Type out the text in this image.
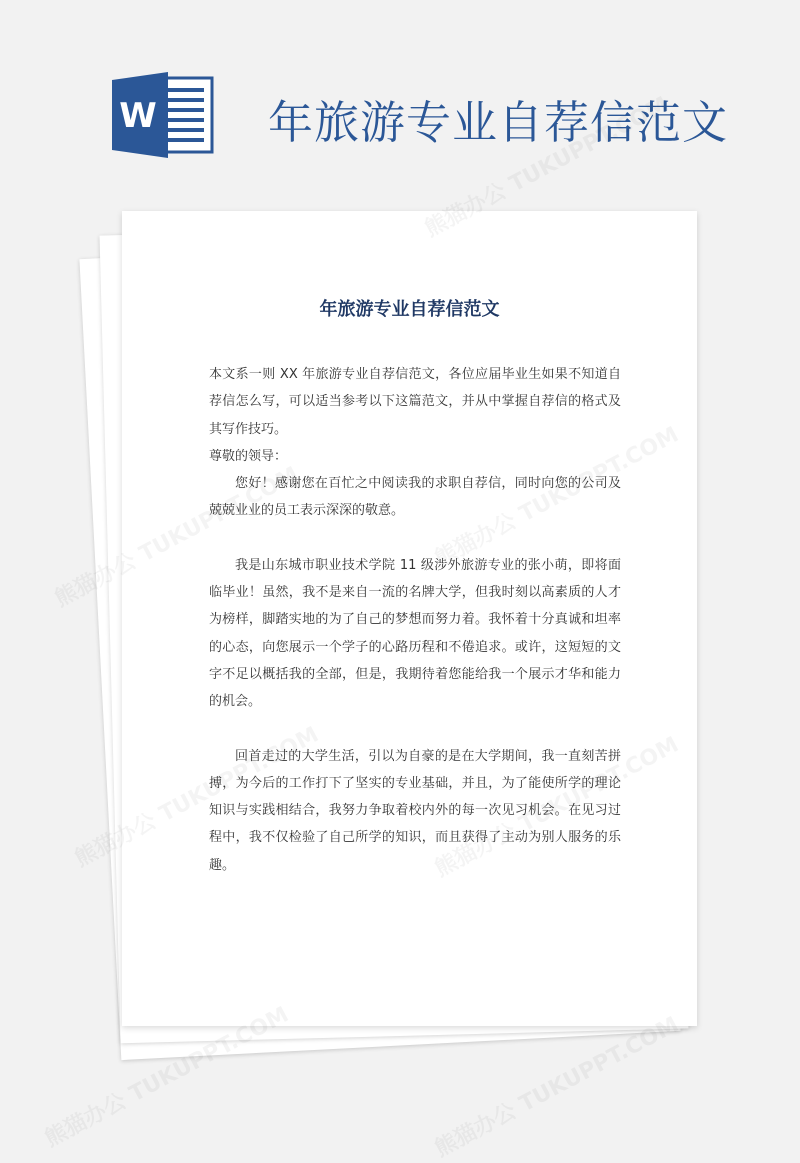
W 年旅游专业自荐信范文
年旅游专业自荐信范文

本文系一则 XX 年旅游专业自荐信范文，各位应届毕业生如果不知道自荐信怎么写，可以适当参考以下这篇范文，并从中掌握自荐信的格式及其写作技巧。

尊敬的领导：

您好！感谢您在百忙之中阅读我的求职自荐信，同时向您的公司及兢兢业业的员工表示深深的敬意。

我是山东城市职业技术学院 11 级涉外旅游专业的张小萌，即将面临毕业！虽然，我不是来自一流的名牌大学，但我时刻以高素质的人才为榜样，脚踏实地的为了自己的梦想而努力着。我怀着十分真诚和坦率的心态，向您展示一个学子的心路历程和不倦追求。或许，这短短的文字不足以概括我的全部，但是，我期待着您能给我一个展示才华和能力的机会。

回首走过的大学生活，引以为自豪的是在大学期间，我一直刻苦拼搏，为今后的工作打下了坚实的专业基础，并且，为了能使所学的理论知识与实践相结合，我努力争取着校内外的每一次见习机会。在见习过程中，我不仅检验了自己所学的知识，而且获得了主动为别人服务的乐趣。
